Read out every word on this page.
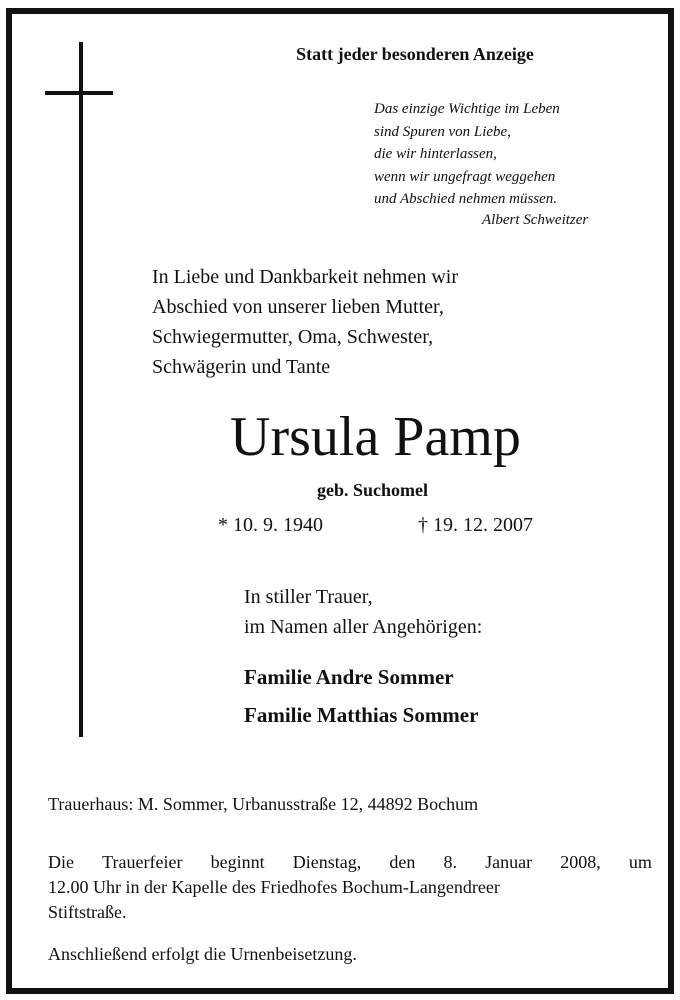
Statt jeder besonderen Anzeige
Das einzige Wichtige im Leben
sind Spuren von Liebe,
die wir hinterlassen,
wenn wir ungefragt weggehen
und Abschied nehmen müssen.
Albert Schweitzer
In Liebe und Dankbarkeit nehmen wir
Abschied von unserer lieben Mutter,
Schwiegermutter, Oma, Schwester,
Schwägerin und Tante
Ursula Pamp
geb. Suchomel
* 10. 9. 1940	† 19. 12. 2007
In stiller Trauer,
im Namen aller Angehörigen:
Familie Andre Sommer
Familie Matthias Sommer
Trauerhaus: M. Sommer, Urbanusstraße 12, 44892 Bochum
Die Trauerfeier beginnt Dienstag, den 8. Januar 2008, um
12.00 Uhr in der Kapelle des Friedhofes Bochum-Langendreer
Stiftstraße.
Anschließend erfolgt die Urnenbeisetzung.
